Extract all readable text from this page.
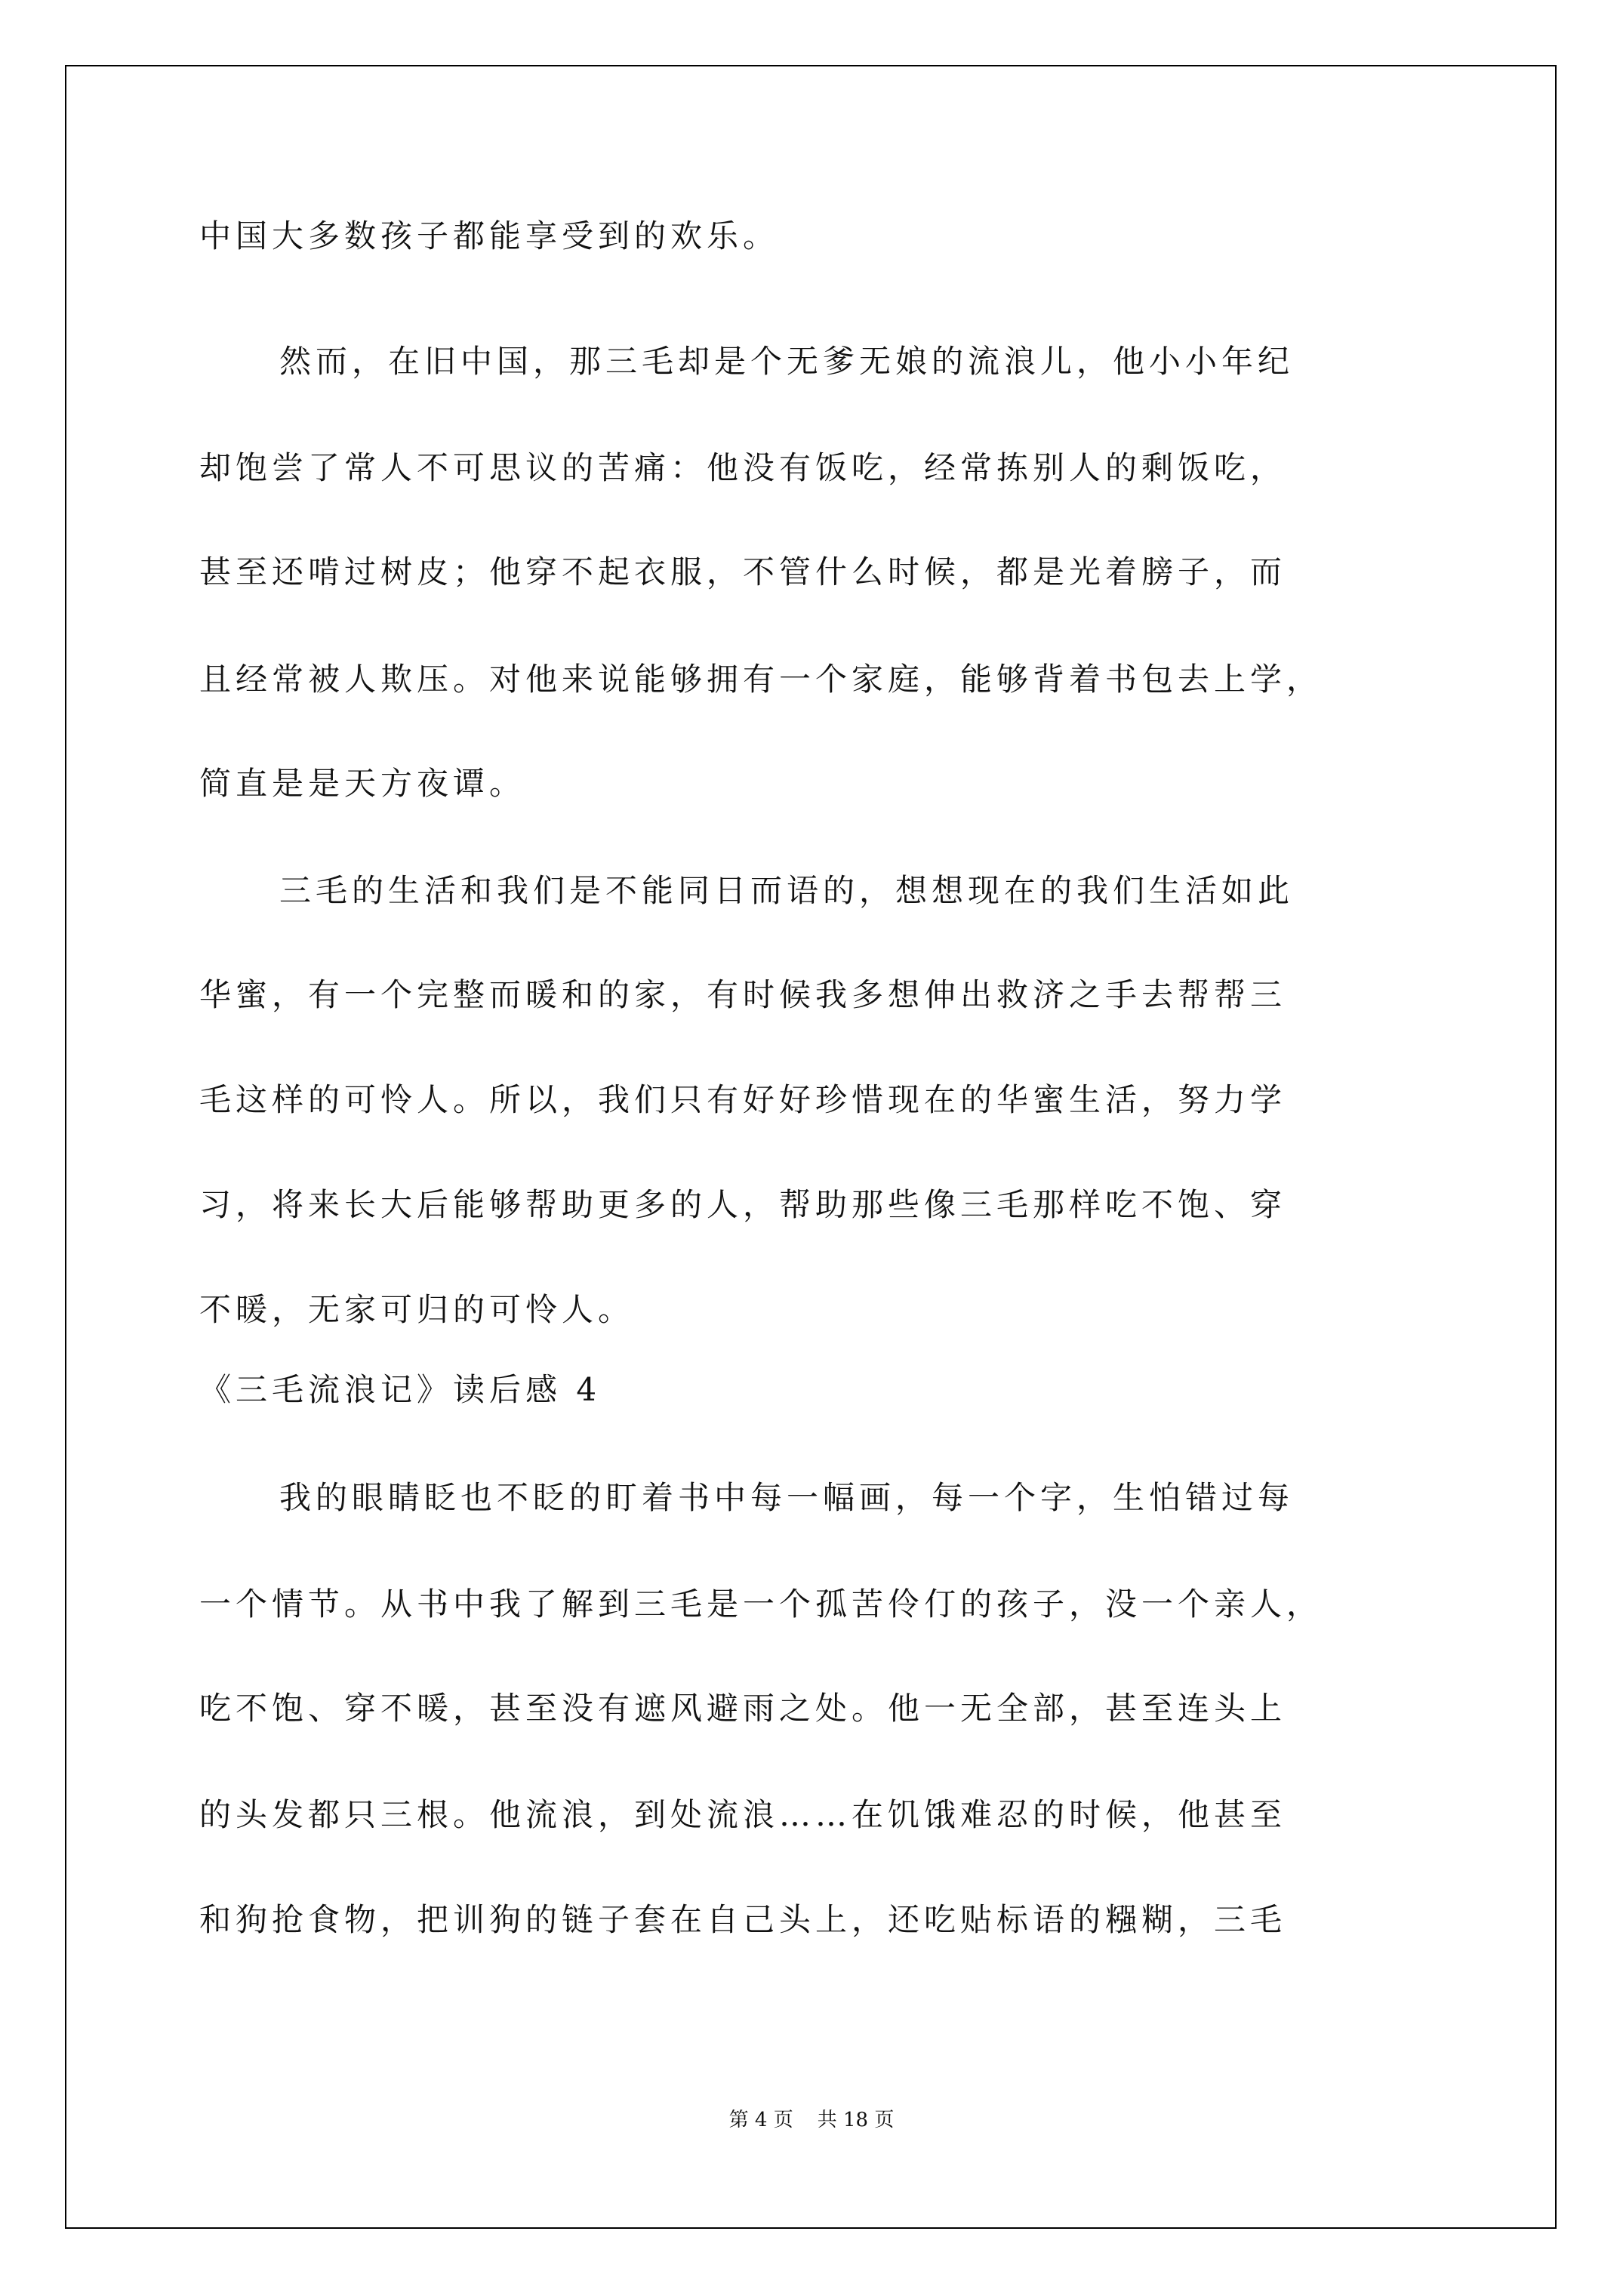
中国大多数孩子都能享受到的欢乐。

然而，在旧中国，那三毛却是个无爹无娘的流浪儿，他小小年纪

却饱尝了常人不可思议的苦痛：他没有饭吃，经常拣别人的剩饭吃，

甚至还啃过树皮；他穿不起衣服，不管什么时候，都是光着膀子，而

且经常被人欺压。对他来说能够拥有一个家庭，能够背着书包去上学，

简直是是天方夜谭。

三毛的生活和我们是不能同日而语的，想想现在的我们生活如此

华蜜，有一个完整而暖和的家，有时候我多想伸出救济之手去帮帮三

毛这样的可怜人。所以，我们只有好好珍惜现在的华蜜生活，努力学

习，将来长大后能够帮助更多的人，帮助那些像三毛那样吃不饱、穿

不暖，无家可归的可怜人。

《三毛流浪记》读后感 4

我的眼睛眨也不眨的盯着书中每一幅画，每一个字，生怕错过每

一个情节。从书中我了解到三毛是一个孤苦伶仃的孩子，没一个亲人，

吃不饱、穿不暖，甚至没有遮风避雨之处。他一无全部，甚至连头上

的头发都只三根。他流浪，到处流浪……在饥饿难忍的时候，他甚至

和狗抢食物，把训狗的链子套在自己头上，还吃贴标语的糨糊，三毛

第 4 页 共 18 页
